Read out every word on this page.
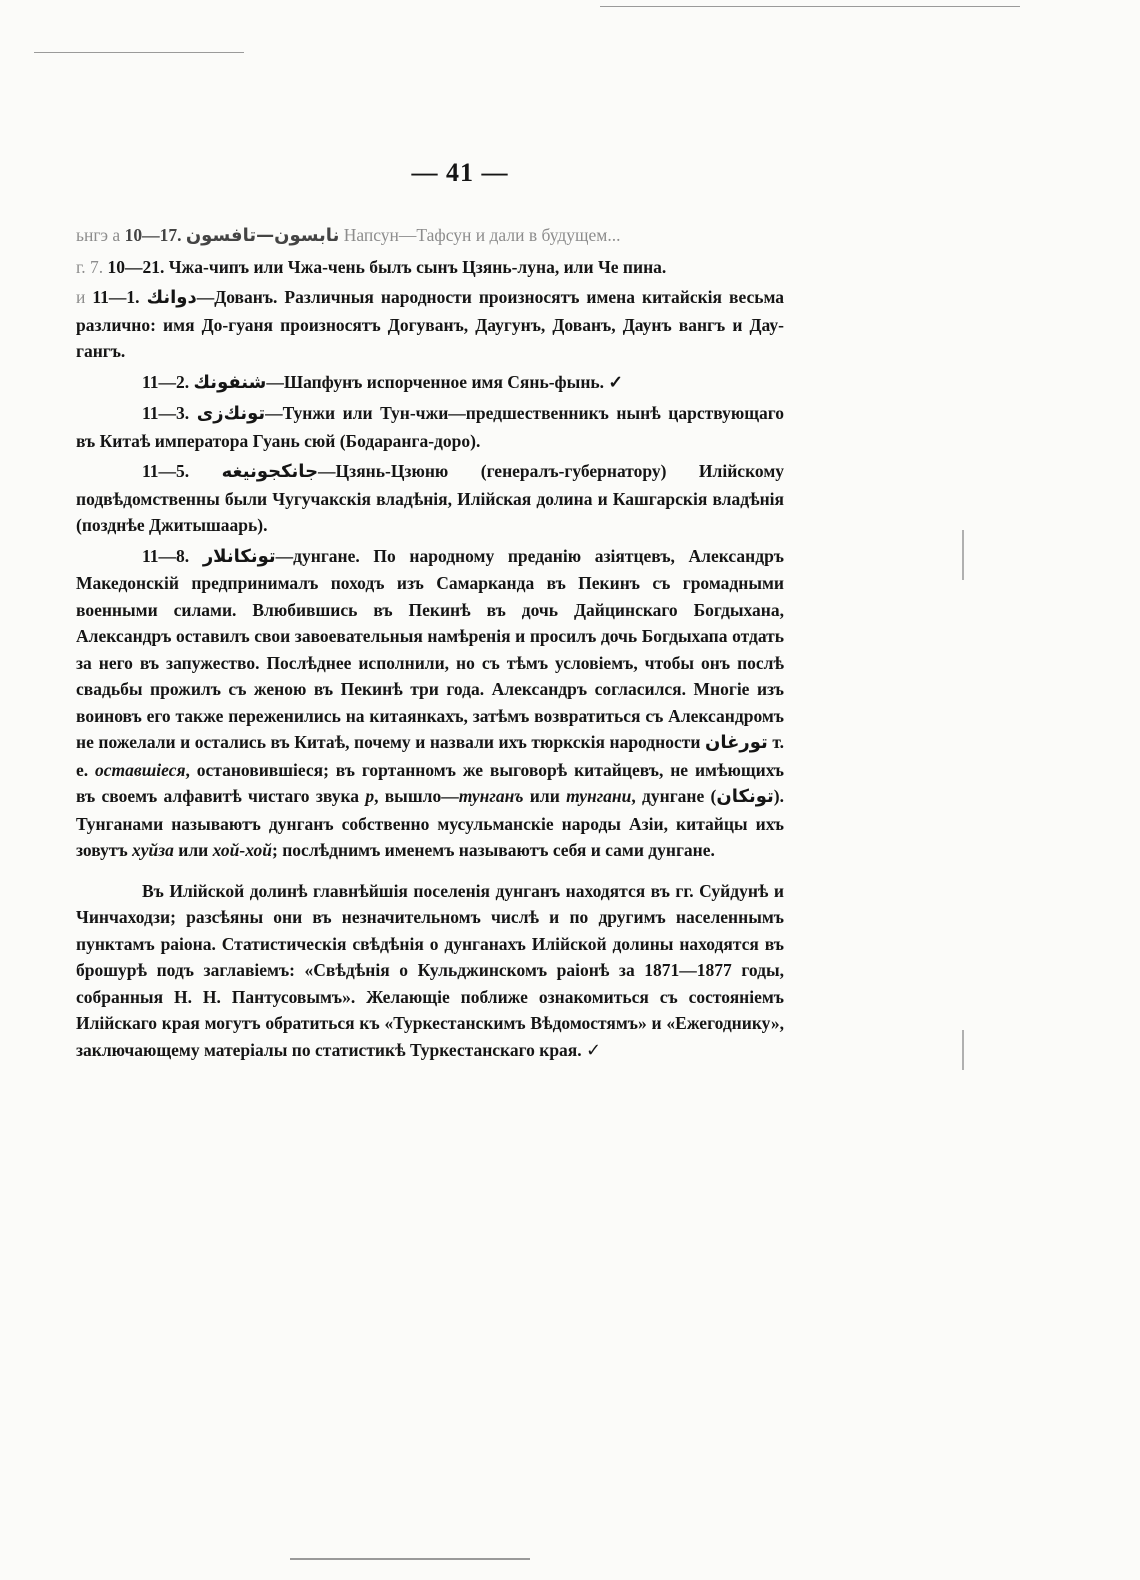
— 41 —
ьнгэ а 10—17. نابسون—تافسون Напсун—Тафсун и дали в будущем...
г. 7. 10—21. Чжа-чипъ или Чжа-чень былъ сынъ Цзянь-луна, или Че пина.
и 11—1. دوانك—Дованъ. Различныя народности произносятъ имена китайскія весьма различно: имя До-гуаня произносятъ Догуванъ, Даугунъ, Дованъ, Даунъ вангъ и Дау-гангъ.
11—2. شنفونك—Шапфунъ испорченное имя Сянь-фынь. ✓
11—3. تونك‌زى—Тунжи или Тун-чжи—предшественникъ нынѣ царствующаго въ Китаѣ императора Гуань сюй (Бодаранга-доро).
11—5. جانكجونيغه—Цзянь-Цзюню (генералъ-губернатору) Илійскому подвѣдомственны были Чугучакскія владѣнія, Илійская долина и Кашгарскія владѣнія (позднѣе Джитышаарь).
11—8. تونكانلار—дунгане. По народному преданію азіятцевъ, Александръ Македонскій предпринималъ походъ изъ Самарканда въ Пекинъ съ громадными военными силами. Влюбившись въ Пекинѣ въ дочь Дайцинскаго Богдыхана, Александръ оставилъ свои завоевательныя намѣренія и просилъ дочь Богдыхапа отдать за него въ запужество. Послѣднее исполнили, но съ тѣмъ условіемъ, чтобы онъ послѣ свадьбы прожилъ съ женою въ Пекинѣ три года. Александръ согласился. Многіе изъ воиновъ его также переженились на китаянкахъ, затѣмъ возвратиться съ Александромъ не пожелали и остались въ Китаѣ, почему и назвали ихъ тюркскія народности تورغان т. е. оставшіеся, остановившіеся; въ гортанномъ же выговорѣ китайцевъ, не имѣющихъ въ своемъ алфавитѣ чистаго звука р, вышло—тунганъ или тунгани, дунгане (تونكان). Тунганами называютъ дунганъ собственно мусульманскіе народы Азіи, китайцы ихъ зовутъ хуйза или хой-хой; послѣднимъ именемъ называютъ себя и сами дунгане.
Въ Илійской долинѣ главнѣйшія поселенія дунганъ находятся въ гг. Суйдунѣ и Чинчаходзи; разсѣяны они въ незначительномъ числѣ и по другимъ населеннымъ пунктамъ раіона. Статистическія свѣдѣнія о дунганахъ Илійской долины находятся въ брошурѣ подъ заглавіемъ: «Свѣдѣнія о Кульджинскомъ раіонѣ за 1871—1877 годы, собранныя Н. Н. Пантусовымъ». Желающіе поближе ознакомиться съ состояніемъ Илійскаго края могутъ обратиться къ «Туркестанскимъ Вѣдомостямъ» и «Ежегоднику», заключающему матеріалы по статистикѣ Туркестанскаго края. ✓
